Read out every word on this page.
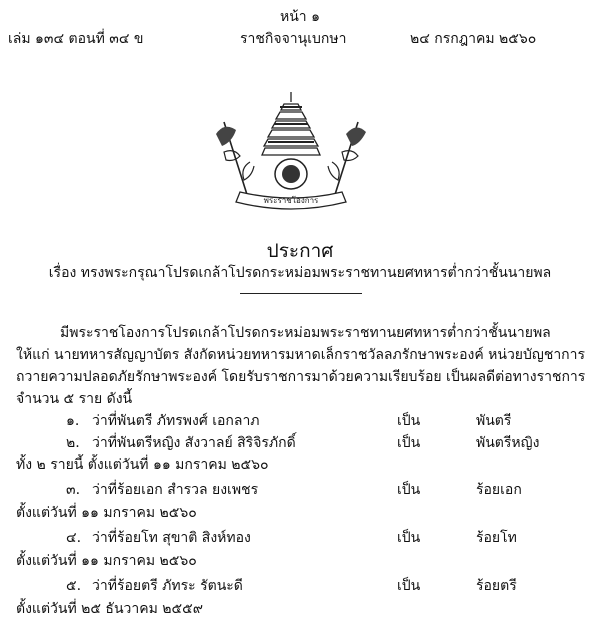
หน้า ๑
เล่ม ๑๓๔ ตอนที่ ๓๔ ข	ราชกิจจานุเบกษา	๒๔ กรกฎาคม ๒๕๖๐
พระราชโองการ
ประกาศ
เรื่อง ทรงพระกรุณาโปรดเกล้าโปรดกระหม่อมพระราชทานยศทหารต่ำกว่าชั้นนายพล
มีพระราชโองการโปรดเกล้าโปรดกระหม่อมพระราชทานยศทหารต่ำกว่าชั้นนายพล
ให้แก่ นายทหารสัญญาบัตร สังกัดหน่วยทหารมหาดเล็กราชวัลลภรักษาพระองค์ หน่วยบัญชาการ
ถวายความปลอดภัยรักษาพระองค์ โดยรับราชการมาด้วยความเรียบร้อย เป็นผลดีต่อทางราชการ
จำนวน ๕ ราย ดังนี้
๑. ว่าที่พันตรี ภัทรพงศ์ เอกลาภ	เป็น	พันตรี
๒. ว่าที่พันตรีหญิง สังวาลย์ สิริจิรภักดิ์	เป็น	พันตรีหญิง
ทั้ง ๒ รายนี้ ตั้งแต่วันที่ ๑๑ มกราคม ๒๕๖๐
๓. ว่าที่ร้อยเอก สำรวล ยงเพชร	เป็น	ร้อยเอก
ตั้งแต่วันที่ ๑๑ มกราคม ๒๕๖๐
๔. ว่าที่ร้อยโท สุขาติ สิงห์ทอง	เป็น	ร้อยโท
ตั้งแต่วันที่ ๑๑ มกราคม ๒๕๖๐
๕. ว่าที่ร้อยตรี ภัทระ รัตนะดี	เป็น	ร้อยตรี
ตั้งแต่วันที่ ๒๕ ธันวาคม ๒๕๕๙
